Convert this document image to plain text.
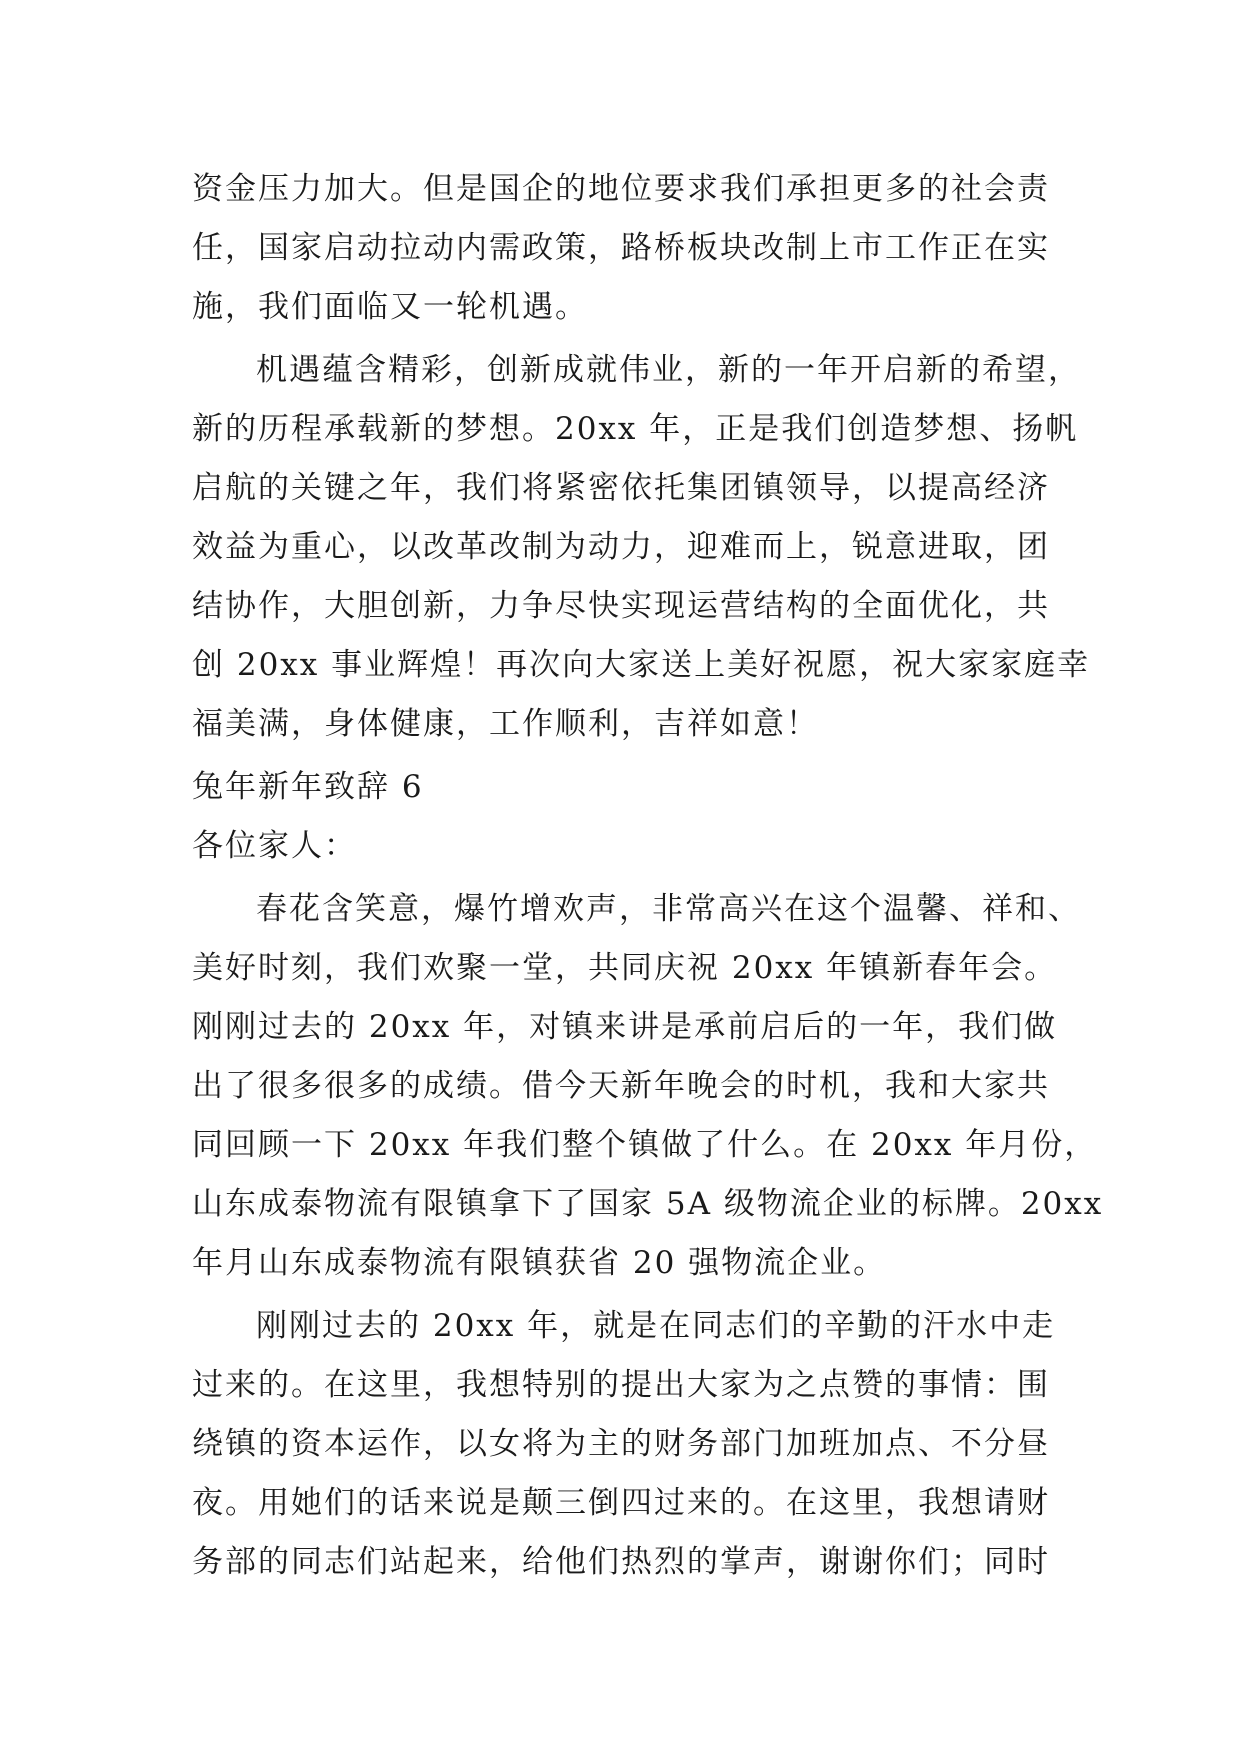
资金压力加大。但是国企的地位要求我们承担更多的社会责
任，国家启动拉动内需政策，路桥板块改制上市工作正在实
施，我们面临又一轮机遇。
机遇蕴含精彩，创新成就伟业，新的一年开启新的希望，
新的历程承载新的梦想。20xx 年，正是我们创造梦想、扬帆
启航的关键之年，我们将紧密依托集团镇领导，以提高经济
效益为重心，以改革改制为动力，迎难而上，锐意进取，团
结协作，大胆创新，力争尽快实现运营结构的全面优化，共
创 20xx 事业辉煌！再次向大家送上美好祝愿，祝大家家庭幸
福美满，身体健康，工作顺利，吉祥如意！
兔年新年致辞 6
各位家人：
春花含笑意，爆竹增欢声，非常高兴在这个温馨、祥和、
美好时刻，我们欢聚一堂，共同庆祝 20xx 年镇新春年会。
刚刚过去的 20xx 年，对镇来讲是承前启后的一年，我们做
出了很多很多的成绩。借今天新年晚会的时机，我和大家共
同回顾一下 20xx 年我们整个镇做了什么。在 20xx 年月份，
山东成泰物流有限镇拿下了国家 5A 级物流企业的标牌。20xx
年月山东成泰物流有限镇获省 20 强物流企业。
刚刚过去的 20xx 年，就是在同志们的辛勤的汗水中走
过来的。在这里，我想特别的提出大家为之点赞的事情：围
绕镇的资本运作，以女将为主的财务部门加班加点、不分昼
夜。用她们的话来说是颠三倒四过来的。在这里，我想请财
务部的同志们站起来，给他们热烈的掌声，谢谢你们；同时
